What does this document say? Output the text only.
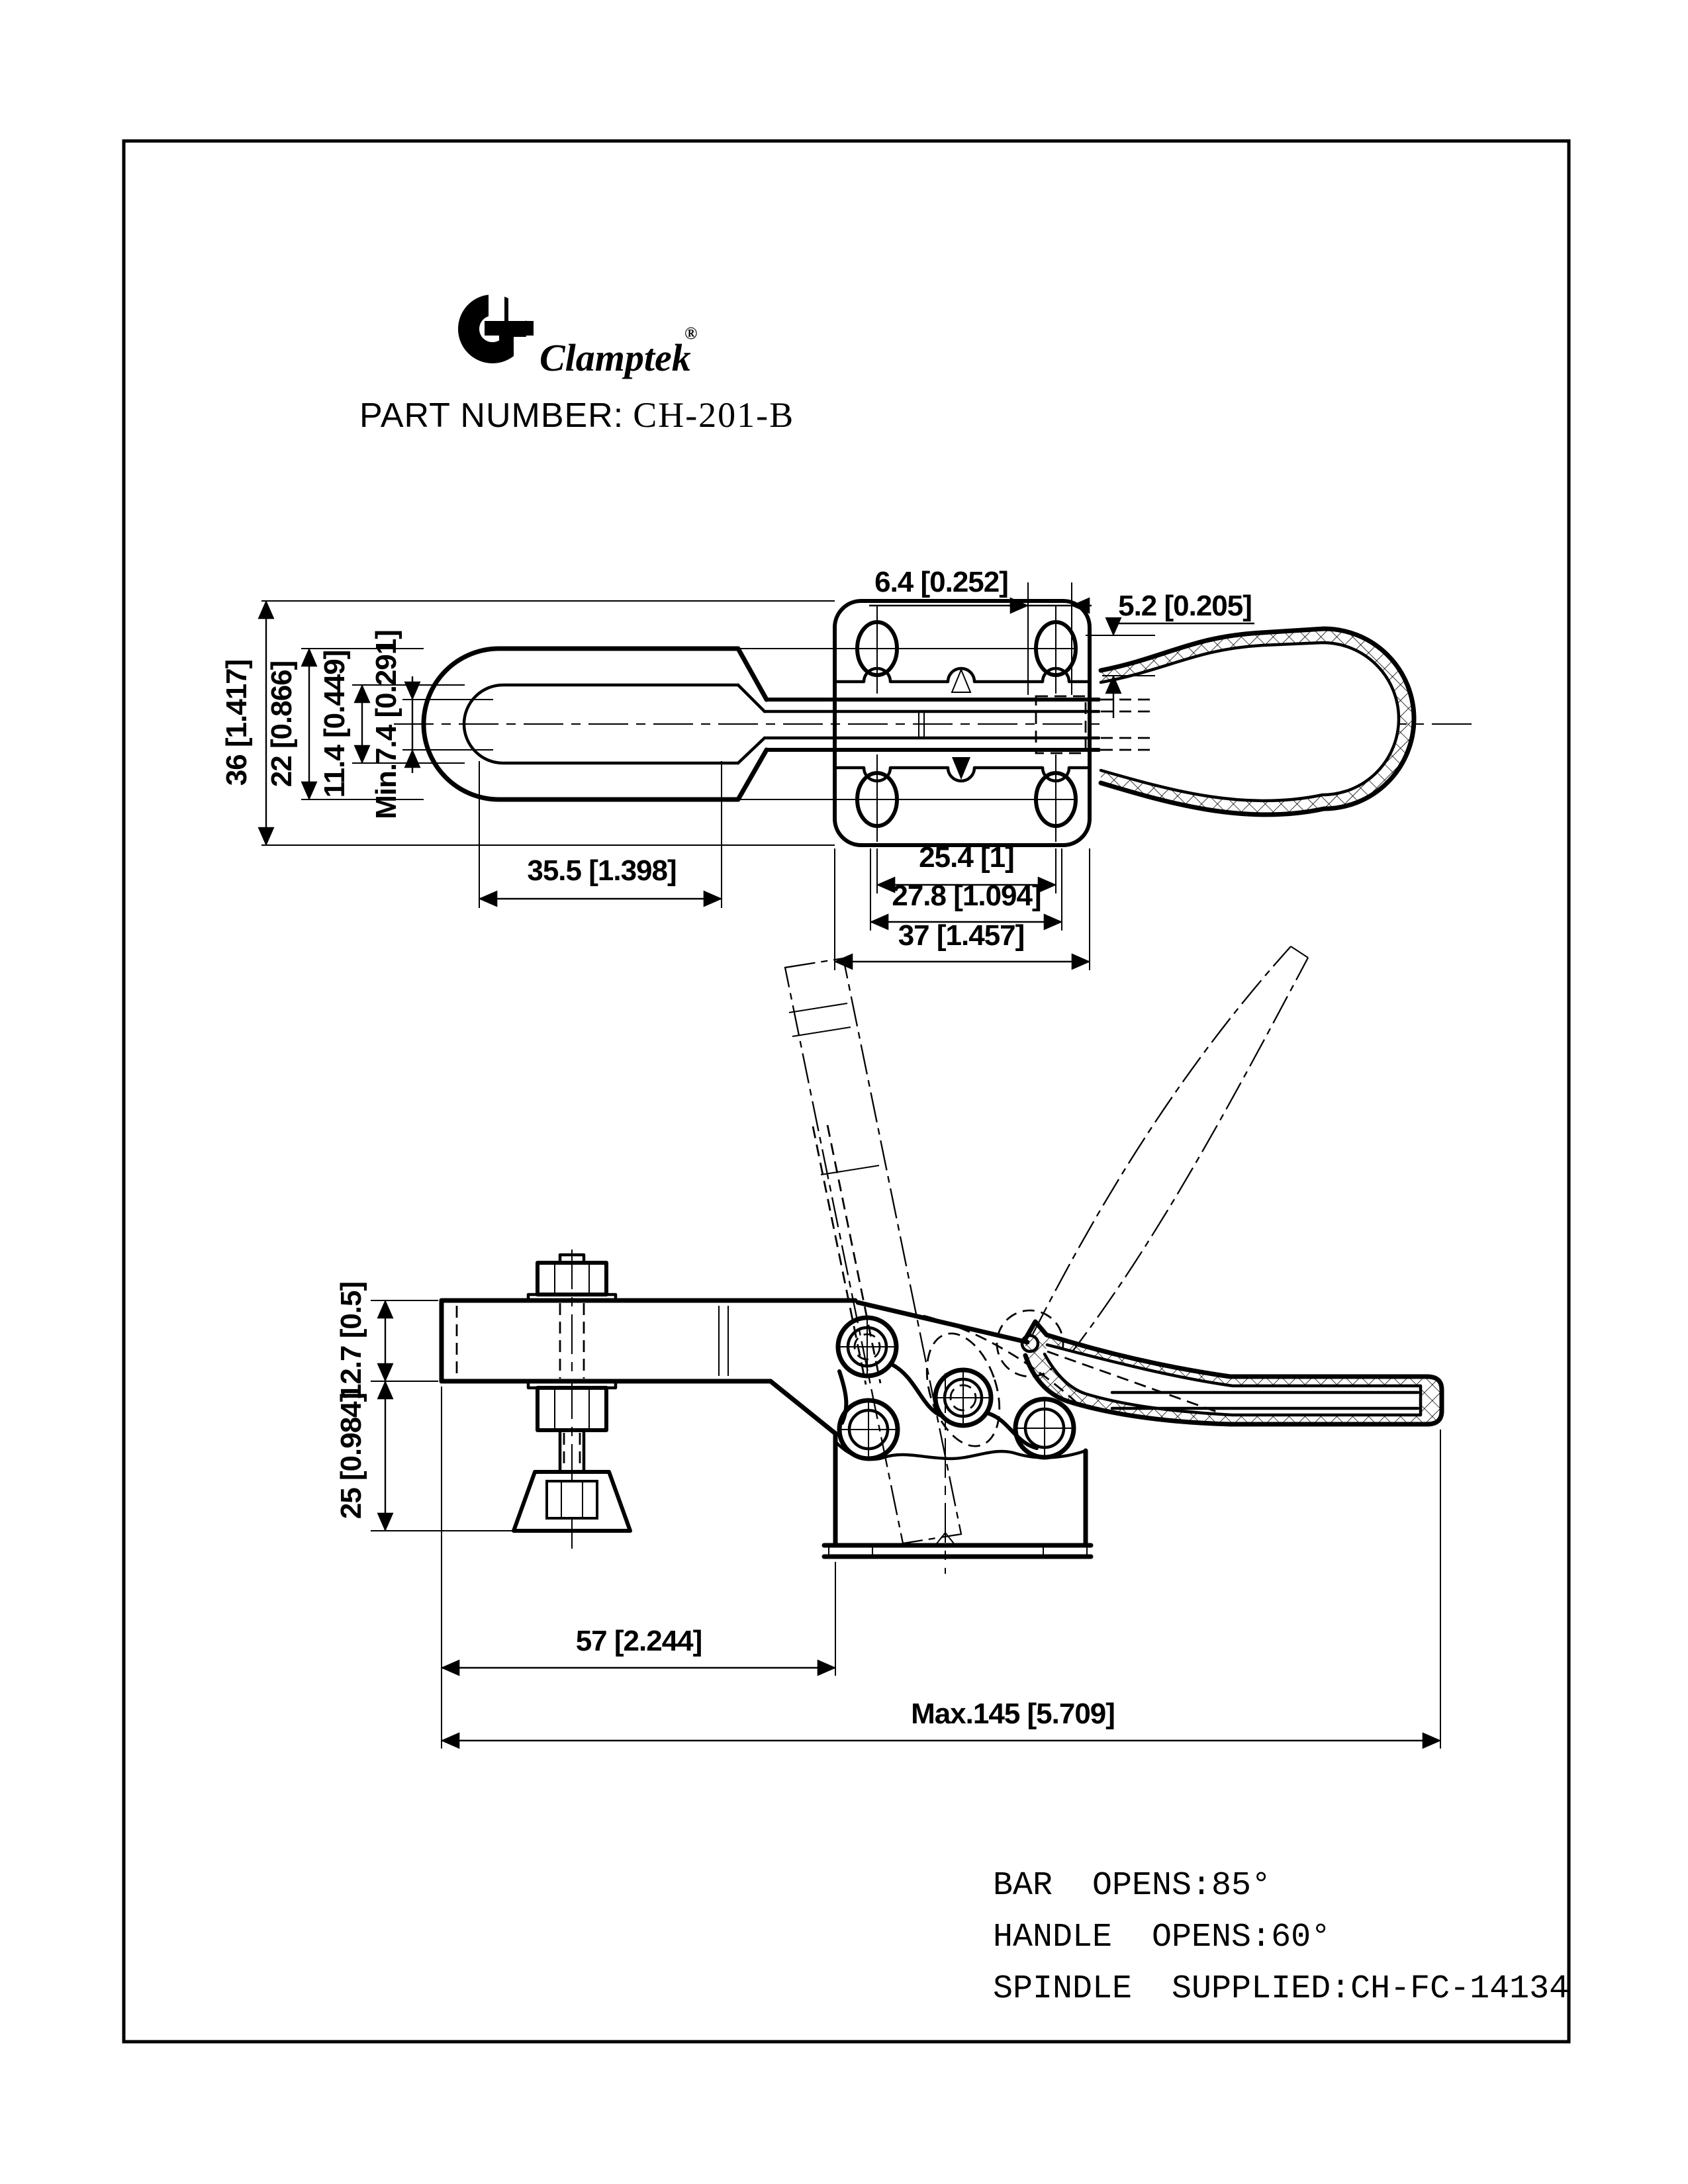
Clamptek
®
PART NUMBER: CH-201-B
36 [1.417] 22 [0.866] 11.4 [0.449] Min.7.4 [0.291]
6.4 [0.252]
5.2 [0.205]
35.5 [1.398]	25.4 [1]
27.8 [1.094]
37 [1.457]
12.7 [0.5]
25 [0.984]
57 [2.244]
Max.145 [5.709]
BAR  OPENS:85°
HANDLE  OPENS:60°
SPINDLE  SUPPLIED:CH-FC-14134
